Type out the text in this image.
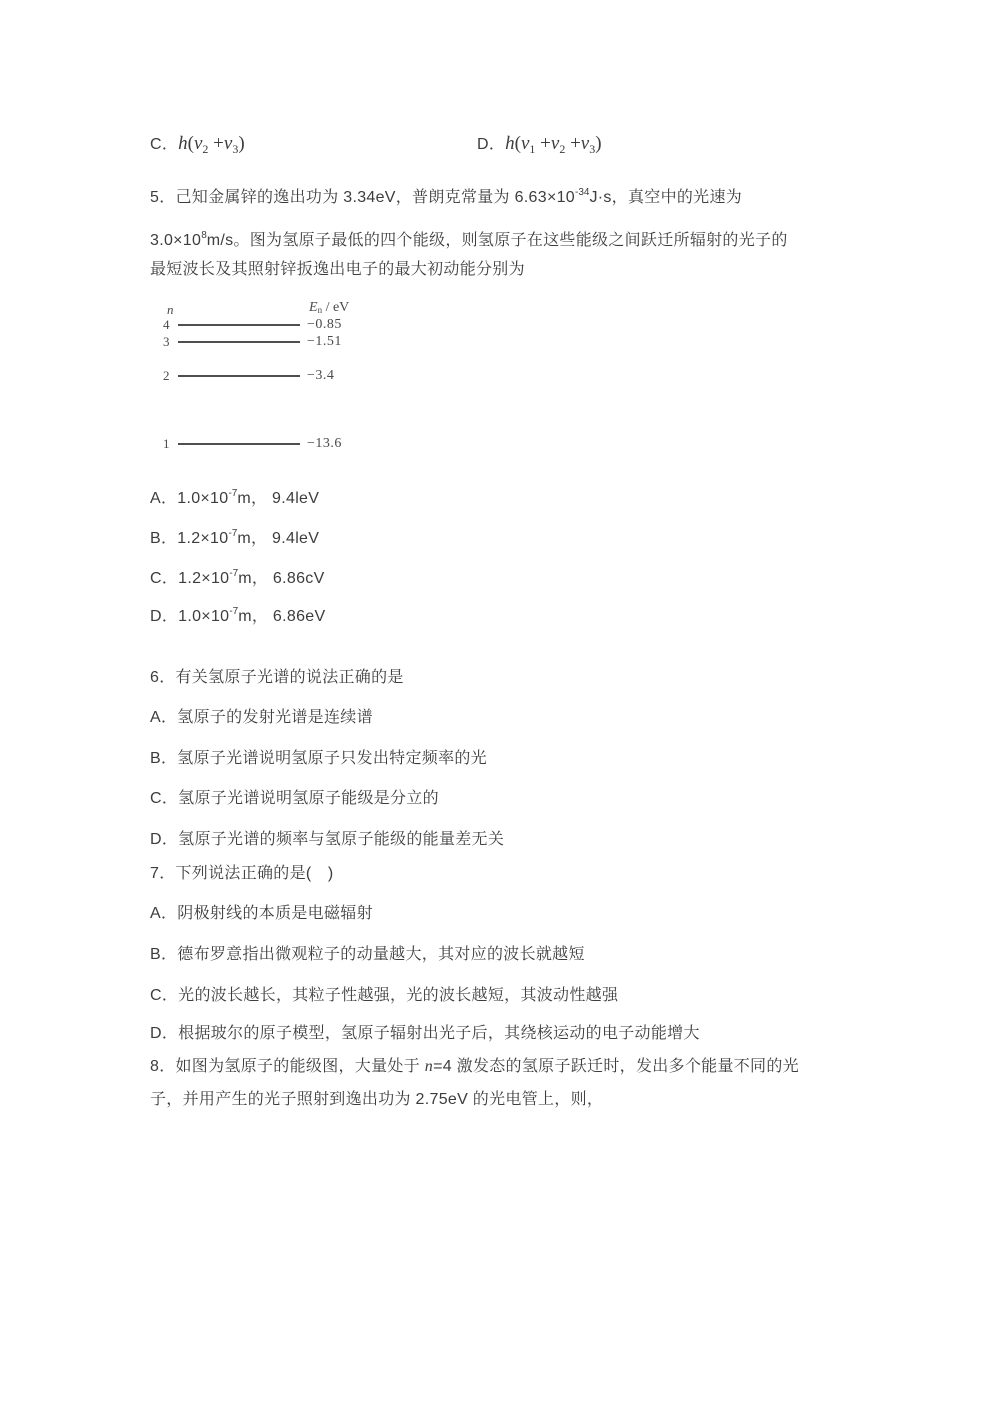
C．$h(\nu_2 +\nu_3)$	D．$h(\nu_1 +\nu_2 +\nu_3)$
5．己知金属锌的逸出功为 3.34eV，普朗克常量为 $6.63\times 10^{-34}J\cdot s$，真空中的光速为
$3.0\times 10^8m/s$。图为氢原子最低的四个能级，则氢原子在这些能级之间跃迁所辐射的光子的
最短波长及其照射锌扳逸出电子的最大初动能分别为
n	$E_n$ / eV
4	−0.85
3	−1.51
2	−3.4
1	−13.6
A．$1.0\times 10^{-7}m$， 9.4leV
B．$1.2\times 10^{-7}m$， 9.4leV
C．$1.2\times 10^{-7}m$， 6.86cV
D．$1.0\times 10^{-7}m$， 6.86eV
6．有关氢原子光谱的说法正确的是
A．氢原子的发射光谱是连续谱
B．氢原子光谱说明氢原子只发出特定频率的光
C．氢原子光谱说明氢原子能级是分立的
D．氢原子光谱的频率与氢原子能级的能量差无关
7．下列说法正确的是(　)
A．阴极射线的本质是电磁辐射
B．德布罗意指出微观粒子的动量越大，其对应的波长就越短
C．光的波长越长，其粒子性越强，光的波长越短，其波动性越强
D．根据玻尔的原子模型，氢原子辐射出光子后，其绕核运动的电子动能增大
8．如图为氢原子的能级图，大量处于 n=4 激发态的氢原子跃迁时，发出多个能量不同的光
子，并用产生的光子照射到逸出功为 2.75eV 的光电管上，则，
